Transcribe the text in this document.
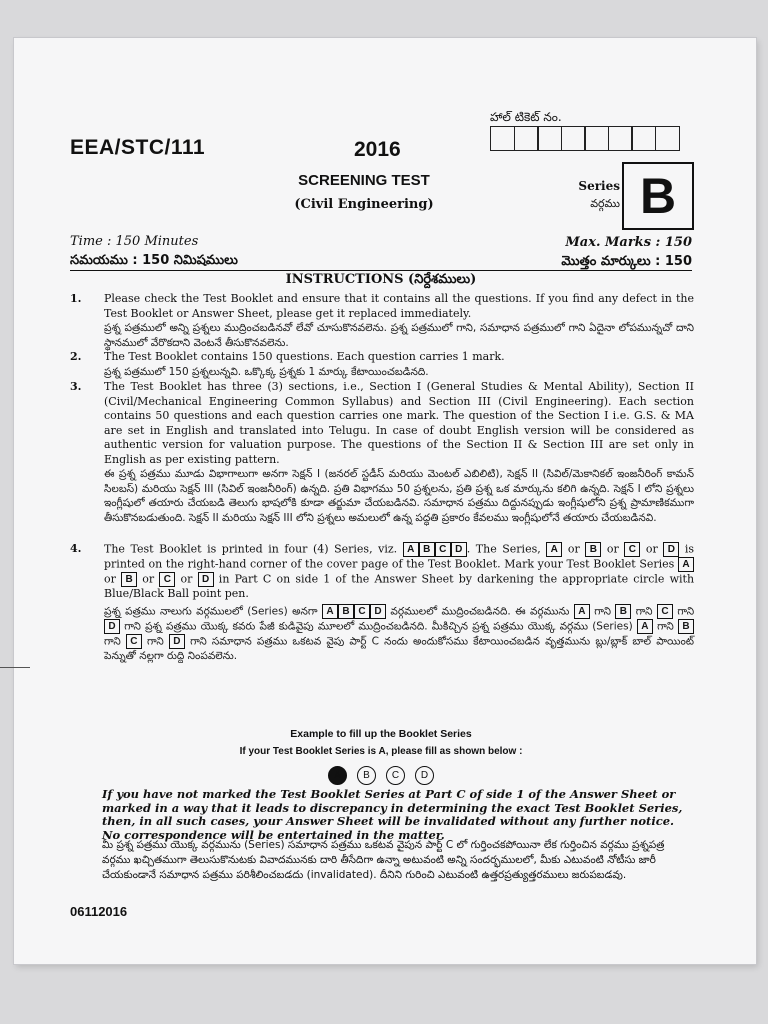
హాల్ టికెట్ నం.
EEA/STC/111	2016
SCREENING TEST
(Civil Engineering)
Series
వర్గము B
Time : 150 Minutes
సమయము : 150 నిమిషములు
Max. Marks : 150
మొత్తం మార్కులు : 150
INSTRUCTIONS (నిర్దేశములు)
1.	Please check the Test Booklet and ensure that it contains all the questions. If you find any defect in the Test Booklet or Answer Sheet, please get it replaced immediately.

ప్రశ్న పత్రములో అన్ని ప్రశ్నలు ముద్రించబడినవో లేవో చూసుకొనవలెను. ప్రశ్న పత్రములో గాని, సమాధాన పత్రములో గాని ఏదైనా లోపమున్నచో దాని స్థానములో వేరొకదాని వెంటనే తీసుకొనవలెను.

2.	The Test Booklet contains 150 questions. Each question carries 1 mark.

ప్రశ్న పత్రములో 150 ప్రశ్నలున్నవి. ఒక్కొక్క ప్రశ్నకు 1 మార్కు కేటాయించబడినది.

3.	The Test Booklet has three (3) sections, i.e., Section I (General Studies & Mental Ability), Section II (Civil/Mechanical Engineering Common Syllabus) and Section III (Civil Engineering). Each section contains 50 questions and each question carries one mark. The question of the Section I i.e. G.S. & MA are set in English and translated into Telugu. In case of doubt English version will be considered as authentic version for valuation purpose. The questions of the Section II & Section III are set only in English as per existing pattern.

ఈ ప్రశ్న పత్రము మూడు విభాగాలుగా అనగా సెక్షన్ I (జనరల్ స్టడీస్ మరియు మెంటల్ ఎబిలిటి), సెక్షన్ II (సివిల్/మెకానికల్ ఇంజనీరింగ్ కామన్ సిలబస్) మరియు సెక్షన్ III (సివిల్ ఇంజనీరింగ్) ఉన్నది. ప్రతి విభాగము 50 ప్రశ్నలను, ప్రతి ప్రశ్న ఒక మార్కును కలిగి ఉన్నది. సెక్షన్ I లోని ప్రశ్నలు ఇంగ్లీషులో తయారు చేయబడి తెలుగు భాషలోకి కూడా తర్జుమా చేయబడినవి. సమాధాన పత్రము దిద్దునప్పుడు ఇంగ్లీషులోని ప్రశ్న ప్రామాణికముగా తీసుకొనబడుతుంది. సెక్షన్ II మరియు సెక్షన్ III లోని ప్రశ్నలు అమలులో ఉన్న పద్ధతి ప్రకారం కేవలము ఇంగ్లీషులోనే తయారు చేయబడినవి.

4.	The Test Booklet is printed in four (4) Series, viz. A B C D . The Series, A or B or C or D is printed on the right-hand corner of the cover page of the Test Booklet. Mark your Test Booklet Series A or B or C or D in Part C on side 1 of the Answer Sheet by darkening the appropriate circle with Blue/Black Ball point pen.

ప్రశ్న పత్రము నాలుగు వర్గములలో (Series) అనగా A B C D వర్గములలో ముద్రించబడినది. ఈ వర్గమును A గాని B గాని C గాని D గాని ప్రశ్న పత్రము యొక్క కవరు పేజీ కుడివైపు మూలలో ముద్రించబడినది. మీకిచ్చిన ప్రశ్న పత్రము యొక్క వర్గము (Series) A గాని B గాని C గాని D గాని సమాధాన పత్రము ఒకటవ వైపు పార్ట్ C నందు అందుకోసము కేటాయించబడిన వృత్తమును బ్లు/బ్లాక్ బాల్ పాయింట్ పెన్నుతో నల్లగా రుద్ది నింపవలెను.

Example to fill up the Booklet Series
If your Test Booklet Series is A, please fill as shown below :
A	B	C	D
If you have not marked the Test Booklet Series at Part C of side 1 of the Answer Sheet or marked in a way that it leads to discrepancy in determining the exact Test Booklet Series, then, in all such cases, your Answer Sheet will be invalidated without any further notice. No correspondence will be entertained in the matter.
మీ ప్రశ్న పత్రము యొక్క వర్గమును (Series) సమాధాన పత్రము ఒకటవ వైపున పార్ట్ C లో గుర్తించకపోయినా లేక గుర్తించిన వర్గము ప్రశ్నపత్ర వర్గము ఖచ్చితముగా తెలుసుకొనుటకు వివాదమునకు దారి తీసేదిగా ఉన్నా అటువంటి అన్ని సందర్భములలో, మీకు ఎటువంటి నోటీసు జారీ చేయకుండానే సమాధాన పత్రము పరిశీలించబడదు (invalidated). దీనిని గురించి ఎటువంటి ఉత్తరప్రత్యుత్తరములు జరుపబడవు.
06112016
